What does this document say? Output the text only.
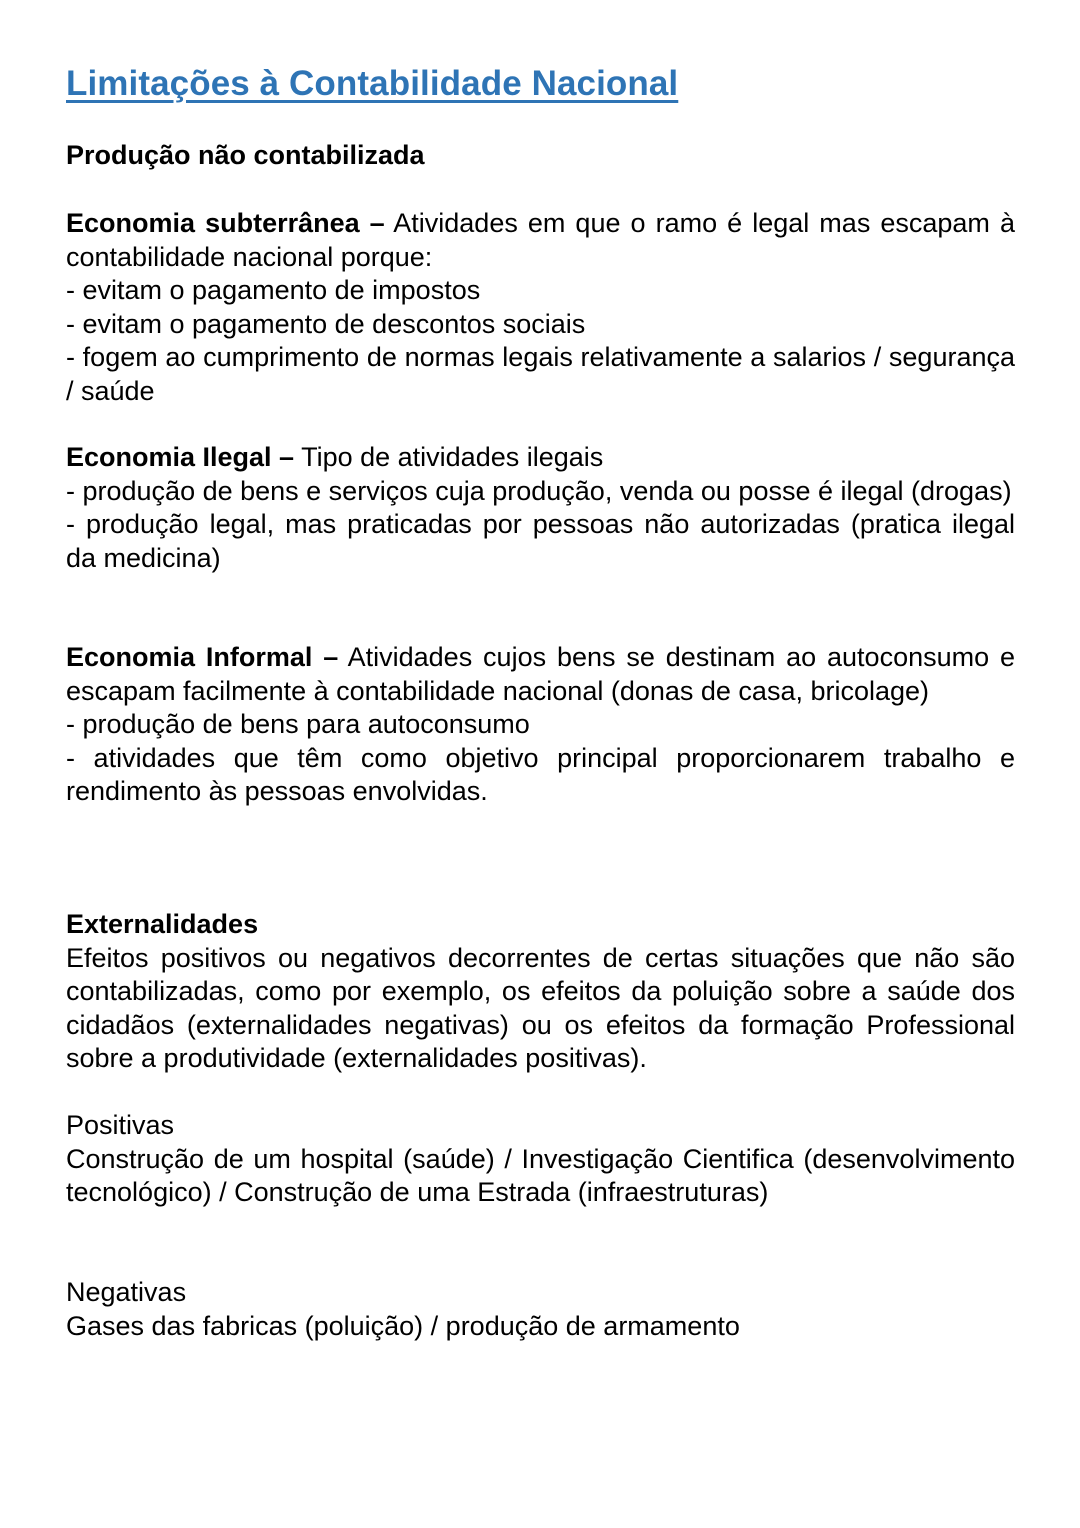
Limitações à Contabilidade Nacional
Produção não contabilizada

Economia subterrânea – Atividades em que o ramo é legal mas escapam à contabilidade nacional porque:

- evitam o pagamento de impostos

- evitam o pagamento de descontos sociais

- fogem ao cumprimento de normas legais relativamente a salarios / segurança / saúde

Economia Ilegal – Tipo de atividades ilegais

- produção de bens e serviços cuja produção, venda ou posse é ilegal (drogas)

- produção legal, mas praticadas por pessoas não autorizadas (pratica ilegal da medicina)

Economia Informal – Atividades cujos bens se destinam ao autoconsumo e escapam facilmente à contabilidade nacional (donas de casa, bricolage)

- produção de bens para autoconsumo

- atividades que têm como objetivo principal proporcionarem trabalho e rendimento às pessoas envolvidas.

Externalidades

Efeitos positivos ou negativos decorrentes de certas situações que não são contabilizadas, como por exemplo, os efeitos da poluição sobre a saúde dos cidadãos (externalidades negativas) ou os efeitos da formação Professional sobre a produtividade (externalidades positivas).

Positivas

Construção de um hospital (saúde) / Investigação Cientifica (desenvolvimento tecnológico) / Construção de uma Estrada (infraestruturas)

Negativas

Gases das fabricas (poluição) / produção de armamento
